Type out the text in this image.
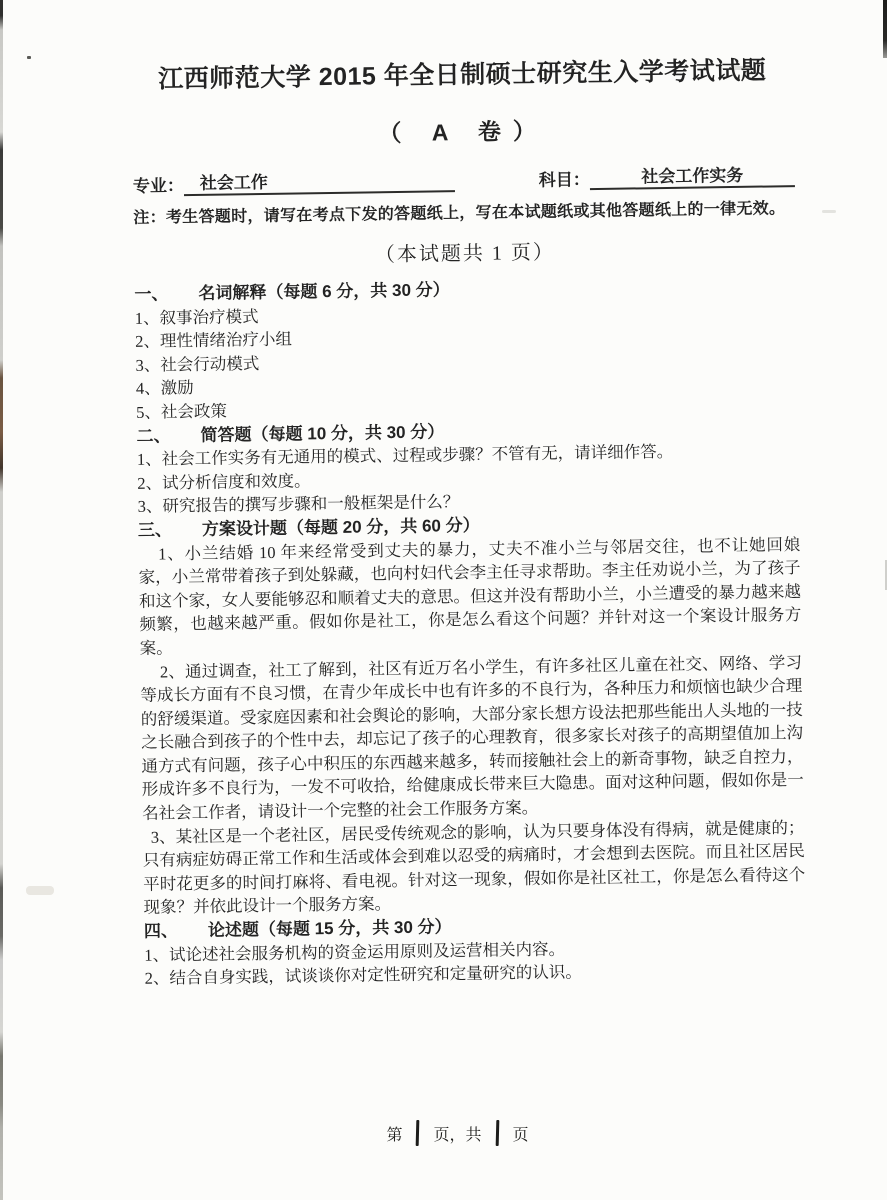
江西师范大学 2015 年全日制硕士研究生入学考试试题
（ A 卷）
专业： 社会工作	科目：	社会工作实务
注：考生答题时，请写在考点下发的答题纸上，写在本试题纸或其他答题纸上的一律无效。
（本试题共 1 页）
一、 名词解释（每题 6 分，共 30 分）
1、叙事治疗模式
2、理性情绪治疗小组
3、社会行动模式
4、激励
5、社会政策
二、 简答题（每题 10 分，共 30 分）
1、社会工作实务有无通用的模式、过程或步骤？不管有无，请详细作答。
2、试分析信度和效度。
3、研究报告的撰写步骤和一般框架是什么？
三、 方案设计题（每题 20 分，共 60 分）
1、小兰结婚 10 年来经常受到丈夫的暴力，丈夫不准小兰与邻居交往，也不让她回娘家，小兰常带着孩子到处躲藏，也向村妇代会李主任寻求帮助。李主任劝说小兰，为了孩子和这个家，女人要能够忍和顺着丈夫的意思。但这并没有帮助小兰，小兰遭受的暴力越来越频繁，也越来越严重。假如你是社工，你是怎么看这个问题？并针对这一个案设计服务方案。
2、通过调查，社工了解到，社区有近万名小学生，有许多社区儿童在社交、网络、学习等成长方面有不良习惯，在青少年成长中也有许多的不良行为，各种压力和烦恼也缺少合理的舒缓渠道。受家庭因素和社会舆论的影响，大部分家长想方设法把那些能出人头地的一技之长融合到孩子的个性中去，却忘记了孩子的心理教育，很多家长对孩子的高期望值加上沟通方式有问题，孩子心中积压的东西越来越多，转而接触社会上的新奇事物，缺乏自控力，形成许多不良行为，一发不可收拾，给健康成长带来巨大隐患。面对这种问题，假如你是一名社会工作者，请设计一个完整的社会工作服务方案。
3、某社区是一个老社区，居民受传统观念的影响，认为只要身体没有得病，就是健康的；只有病症妨碍正常工作和生活或体会到难以忍受的病痛时，才会想到去医院。而且社区居民平时花更多的时间打麻将、看电视。针对这一现象，假如你是社区社工，你是怎么看待这个现象？并依此设计一个服务方案。
四、 论述题（每题 15 分，共 30 分）
1、试论述社会服务机构的资金运用原则及运营相关内容。
2、结合自身实践，试谈谈你对定性研究和定量研究的认识。
第 页，共 页
